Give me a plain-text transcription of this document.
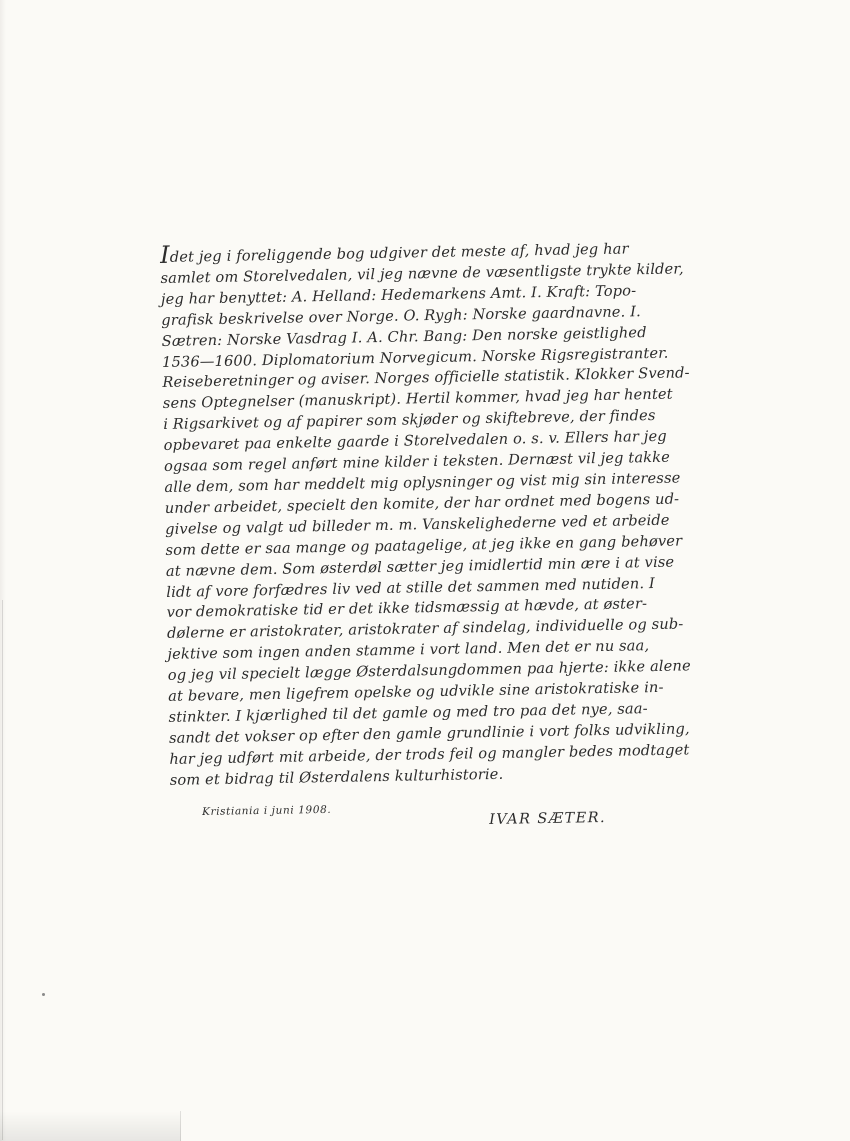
Idet jeg i foreliggende bog udgiver det meste af, hvad jeg har
samlet om Storelvedalen, vil jeg nævne de væsentligste trykte kilder,
jeg har benyttet: A. Helland: Hedemarkens Amt. I. Kraft: Topo-
grafisk beskrivelse over Norge. O. Rygh: Norske gaardnavne. I.
Sætren: Norske Vasdrag I. A. Chr. Bang: Den norske geistlighed
1536—1600. Diplomatorium Norvegicum. Norske Rigsregistranter.
Reiseberetninger og aviser. Norges officielle statistik. Klokker Svend-
sens Optegnelser (manuskript). Hertil kommer, hvad jeg har hentet
i Rigsarkivet og af papirer som skjøder og skiftebreve, der findes
opbevaret paa enkelte gaarde i Storelvedalen o. s. v. Ellers har jeg
ogsaa som regel anført mine kilder i teksten. Dernæst vil jeg takke
alle dem, som har meddelt mig oplysninger og vist mig sin interesse
under arbeidet, specielt den komite, der har ordnet med bogens ud-
givelse og valgt ud billeder m. m. Vanskelighederne ved et arbeide
som dette er saa mange og paatagelige, at jeg ikke en gang behøver
at nævne dem. Som østerdøl sætter jeg imidlertid min ære i at vise
lidt af vore forfædres liv ved at stille det sammen med nutiden. I
vor demokratiske tid er det ikke tidsmæssig at hævde, at øster-
dølerne er aristokrater, aristokrater af sindelag, individuelle og sub-
jektive som ingen anden stamme i vort land. Men det er nu saa,
og jeg vil specielt lægge Østerdalsungdommen paa hjerte: ikke alene
at bevare, men ligefrem opelske og udvikle sine aristokratiske in-
stinkter. I kjærlighed til det gamle og med tro paa det nye, saa-
sandt det vokser op efter den gamle grundlinie i vort folks udvikling,
har jeg udført mit arbeide, der trods feil og mangler bedes modtaget
som et bidrag til Østerdalens kulturhistorie.
Kristiania i juni 1908.	IVAR SÆTER.
